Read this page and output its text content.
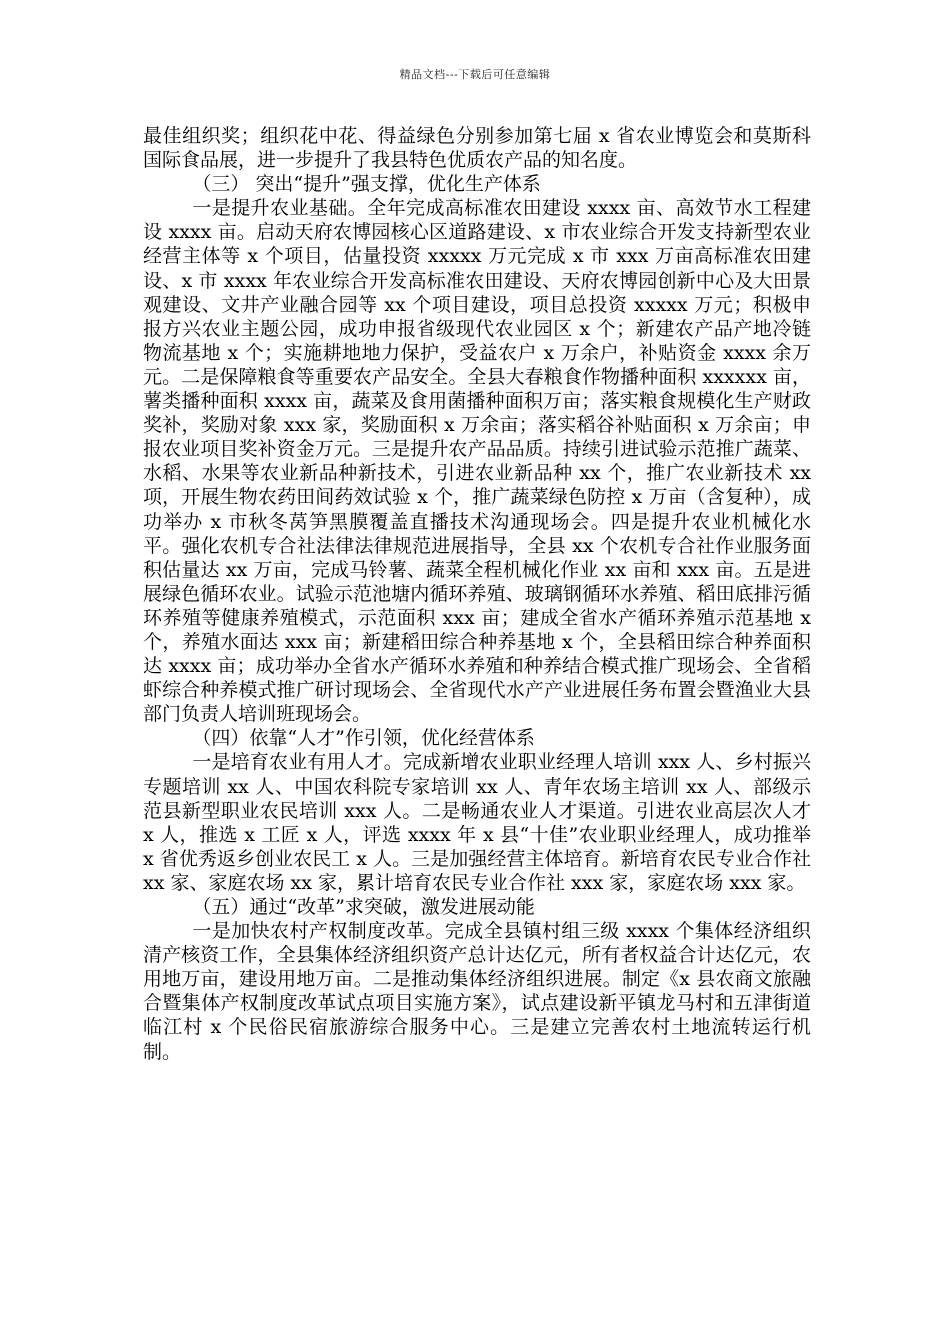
精品文档---下载后可任意编辑

最佳组织奖；组织花中花、得益绿色分别参加第七届 x 省农业博览会和莫斯科国际食品展，进一步提升了我县特色优质农产品的知名度。

（三） 突出“提升”强支撑，优化生产体系

一是提升农业基础。全年完成高标准农田建设 xxxx 亩、高效节水工程建设 xxxx 亩。启动天府农博园核心区道路建设、x 市农业综合开发支持新型农业经营主体等 x 个项目，估量投资 xxxxx 万元完成 x 市 xxx 万亩高标准农田建设、x 市 xxxx 年农业综合开发高标准农田建设、天府农博园创新中心及大田景观建设、文井产业融合园等 xx 个项目建设，项目总投资 xxxxx 万元；积极申报方兴农业主题公园，成功申报省级现代农业园区 x 个；新建农产品产地冷链物流基地 x 个；实施耕地地力保护，受益农户 x 万余户，补贴资金 xxxx 余万元。二是保障粮食等重要农产品安全。全县大春粮食作物播种面积 xxxxxx 亩，薯类播种面积 xxxx 亩，蔬菜及食用菌播种面积万亩；落实粮食规模化生产财政奖补，奖励对象 xxx 家，奖励面积 x 万余亩；落实稻谷补贴面积 x 万余亩；申报农业项目奖补资金万元。三是提升农产品品质。持续引进试验示范推广蔬菜、水稻、水果等农业新品种新技术，引进农业新品种 xx 个，推广农业新技术 xx 项，开展生物农药田间药效试验 x 个，推广蔬菜绿色防控 x 万亩（含复种），成功举办 x 市秋冬莴笋黑膜覆盖直播技术沟通现场会。四是提升农业机械化水平。强化农机专合社法律法律规范进展指导，全县 xx 个农机专合社作业服务面积估量达 xx 万亩，完成马铃薯、蔬菜全程机械化作业 xx 亩和 xxx 亩。五是进展绿色循环农业。试验示范池塘内循环养殖、玻璃钢循环水养殖、稻田底排污循环养殖等健康养殖模式，示范面积 xxx 亩；建成全省水产循环养殖示范基地 x 个，养殖水面达 xxx 亩；新建稻田综合种养基地 x 个，全县稻田综合种养面积达 xxxx 亩；成功举办全省水产循环水养殖和种养结合模式推广现场会、全省稻虾综合种养模式推广研讨现场会、全省现代水产产业进展任务布置会暨渔业大县部门负责人培训班现场会。

（四）依靠“人才”作引领，优化经营体系

一是培育农业有用人才。完成新增农业职业经理人培训 xxx 人、乡村振兴专题培训 xx 人、中国农科院专家培训 xx 人、青年农场主培训 xx 人、部级示范县新型职业农民培训 xxx 人。二是畅通农业人才渠道。引进农业高层次人才 x 人，推选 x 工匠 x 人，评选 xxxx 年 x 县“十佳”农业职业经理人，成功推举 x 省优秀返乡创业农民工 x 人。三是加强经营主体培育。新培育农民专业合作社 xx 家、家庭农场 xx 家，累计培育农民专业合作社 xxx 家，家庭农场 xxx 家。

（五）通过“改革”求突破，激发进展动能

一是加快农村产权制度改革。完成全县镇村组三级 xxxx 个集体经济组织清产核资工作，全县集体经济组织资产总计达亿元，所有者权益合计达亿元，农用地万亩，建设用地万亩。二是推动集体经济组织进展。制定《x 县农商文旅融合暨集体产权制度改革试点项目实施方案》，试点建设新平镇龙马村和五津街道临江村 x 个民俗民宿旅游综合服务中心。三是建立完善农村土地流转运行机制。
